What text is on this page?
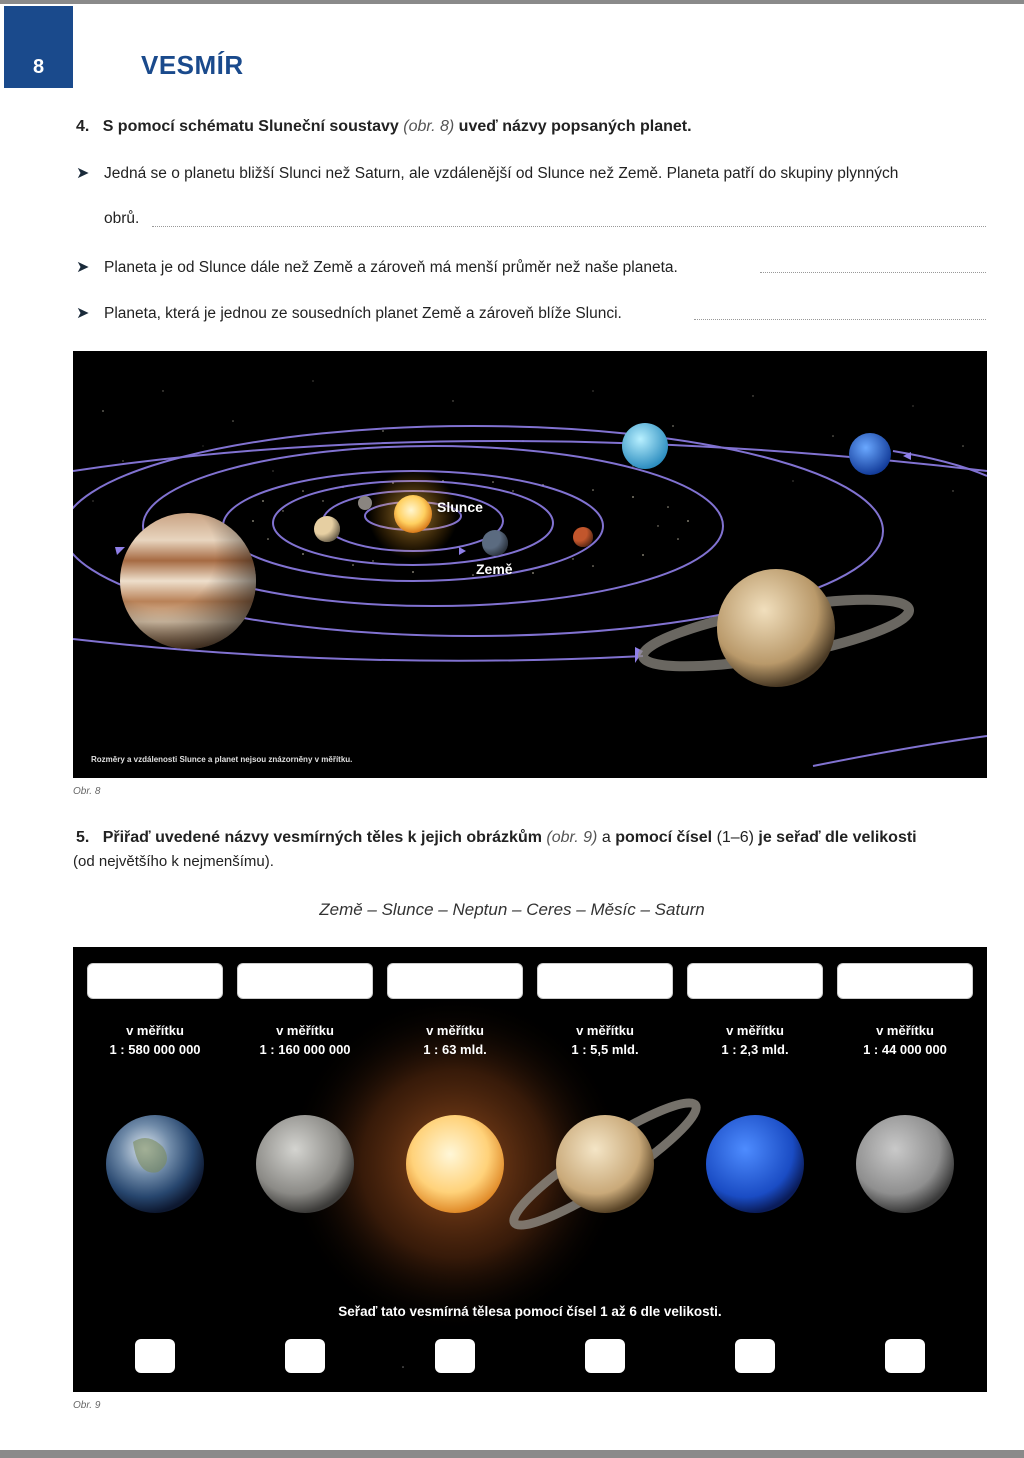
8	VESMÍR
4. S pomocí schématu Sluneční soustavy (obr. 8) uveď názvy popsaných planet.
➤ Jedná se o planetu bližší Slunci než Saturn, ale vzdálenější od Slunce než Země. Planeta patří do skupiny plynných
obrů.
➤ Planeta je od Slunce dále než Země a zároveň má menší průměr než naše planeta.
➤ Planeta, která je jednou ze sousedních planet Země a zároveň blíže Slunci.
Slunce
Země
Rozměry a vzdálenosti Slunce a planet nejsou znázorněny v měřítku.
Obr. 8
5. Přiřaď uvedené názvy vesmírných těles k jejich obrázkům (obr. 9) a pomocí čísel (1–6) je seřaď dle velikosti
(od největšího k nejmenšímu).
Země – Slunce – Neptun – Ceres – Měsíc – Saturn
v měřítku
1 : 580 000 000
v měřítku
1 : 160 000 000
v měřítku
1 : 63 mld.
v měřítku
1 : 5,5 mld.
v měřítku
1 : 2,3 mld.
v měřítku
1 : 44 000 000
Seřaď tato vesmírná tělesa pomocí čísel 1 až 6 dle velikosti.
Obr. 9
